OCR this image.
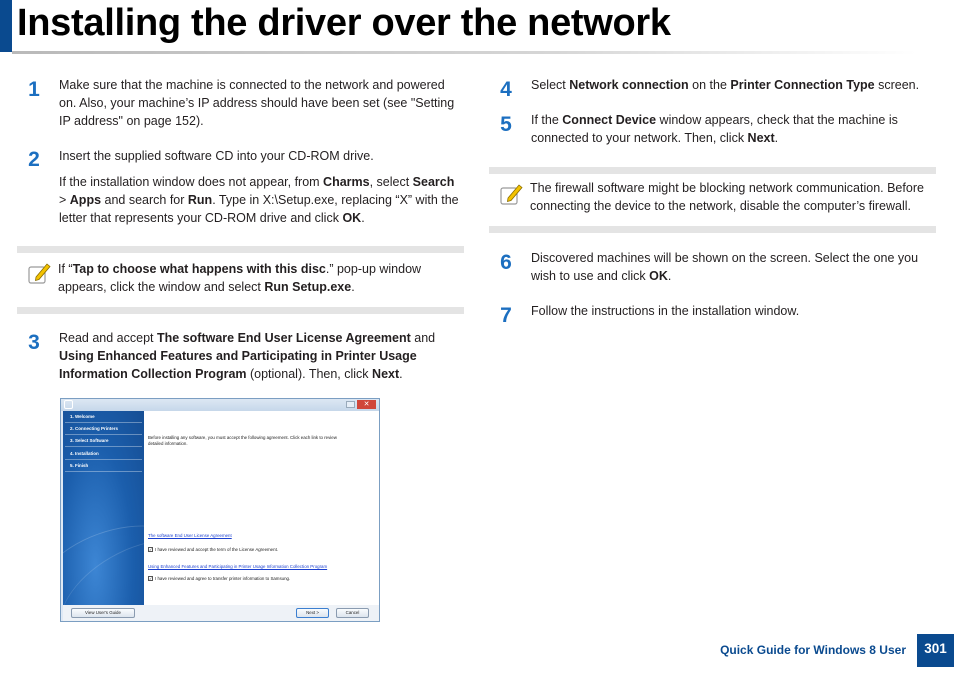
Installing the driver over the network
1	Make sure that the machine is connected to the network and powered on. Also, your machine’s IP address should have been set (see "Setting IP address" on page 152).
2	Insert the supplied software CD into your CD-ROM drive.
If the installation window does not appear, from Charms, select Search > Apps and search for Run. Type in X:\Setup.exe, replacing “X” with the letter that represents your CD-ROM drive and click OK.
If “Tap to choose what happens with this disc.” pop-up window appears, click the window and select Run Setup.exe.
3	Read and accept The software End User License Agreement and Using Enhanced Features and Participating in Printer Usage Information Collection Program (optional). Then, click Next.
✕
1. Welcome
2. Connecting Printers
3. Select Software
4. Installation
5. Finish
Before installing any software, you must accept the following agreement. Click each link to review
detailed information.
The software End User License Agreement
✓ I have reviewed and accept the term of the License Agreement.
Using Enhanced Features and Participating in Printer Usage Information Collection Program
✓ I have reviewed and agree to transfer printer information to Samsung.
View User's Guide	Next >	Cancel
4	Select Network connection on the Printer Connection Type screen.
5	If the Connect Device window appears, check that the machine is connected to your network. Then, click Next.
The firewall software might be blocking network communication. Before connecting the device to the network, disable the computer’s firewall.
6	Discovered machines will be shown on the screen. Select the one you wish to use and click OK.
7	Follow the instructions in the installation window.
Quick Guide for Windows 8 User	301
